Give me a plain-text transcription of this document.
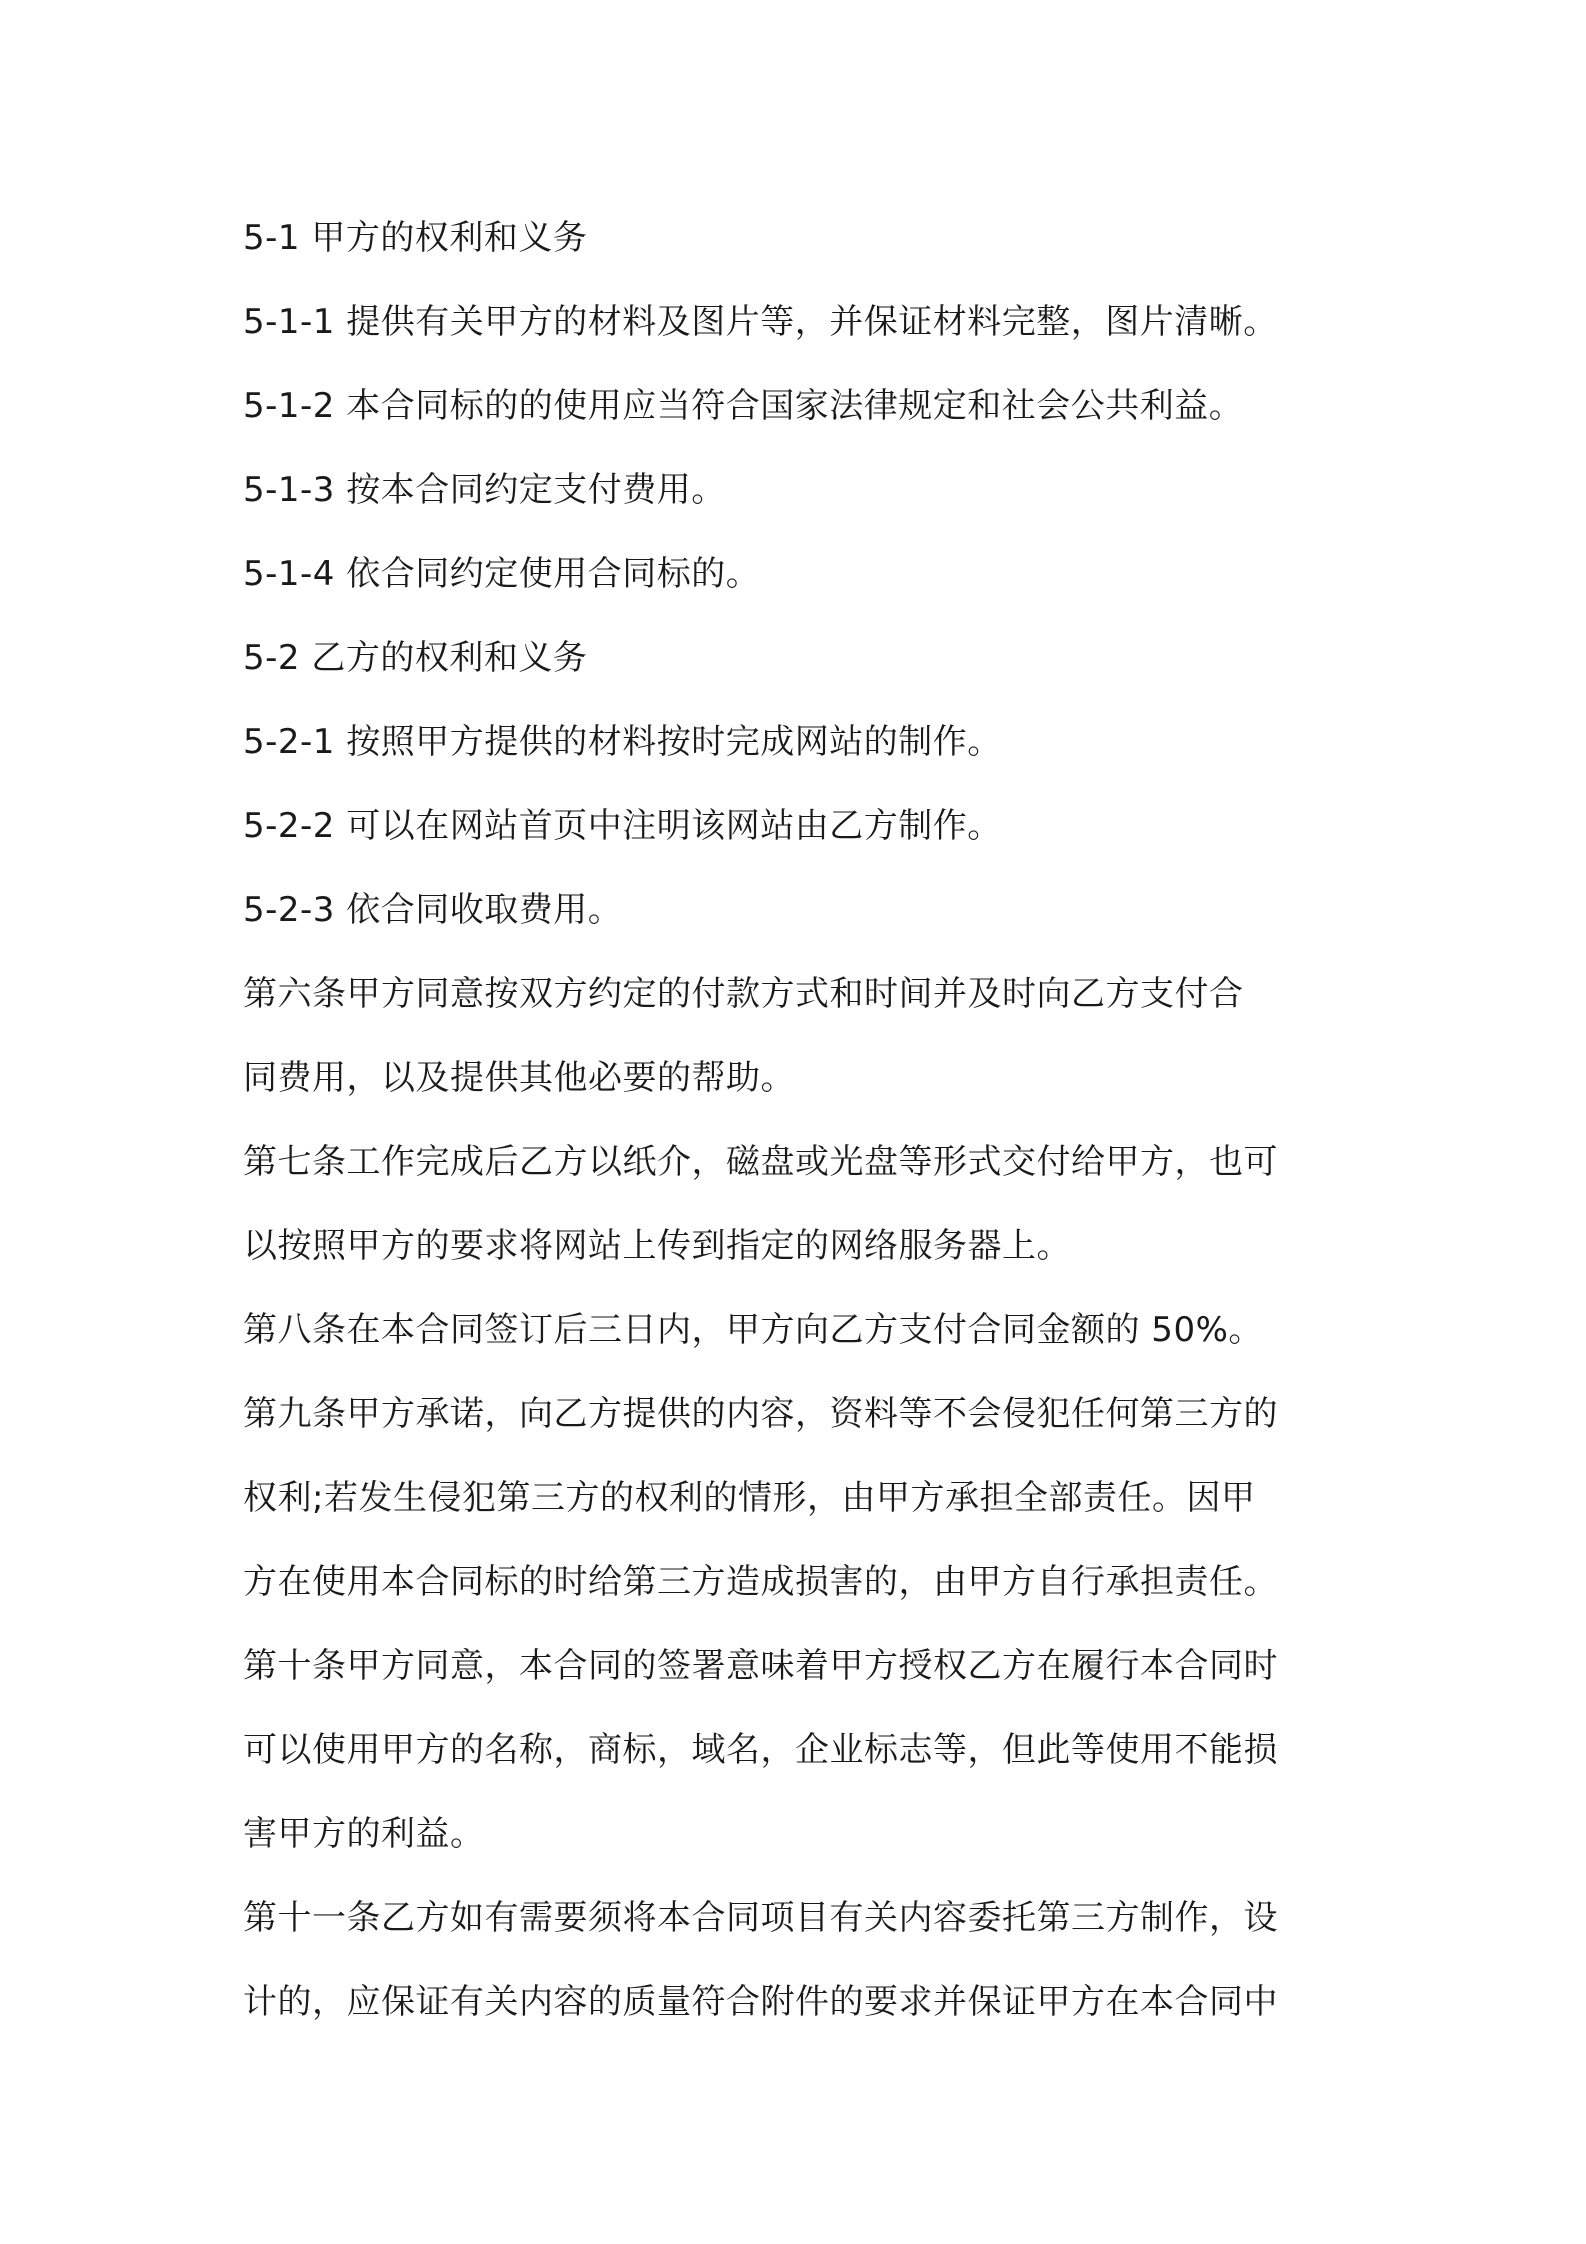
5-1 甲方的权利和义务
5-1-1 提供有关甲方的材料及图片等，并保证材料完整，图片清晰。
5-1-2 本合同标的的使用应当符合国家法律规定和社会公共利益。
5-1-3 按本合同约定支付费用。
5-1-4 依合同约定使用合同标的。
5-2 乙方的权利和义务
5-2-1 按照甲方提供的材料按时完成网站的制作。
5-2-2 可以在网站首页中注明该网站由乙方制作。
5-2-3 依合同收取费用。
第六条甲方同意按双方约定的付款方式和时间并及时向乙方支付合
同费用，以及提供其他必要的帮助。
第七条工作完成后乙方以纸介，磁盘或光盘等形式交付给甲方，也可
以按照甲方的要求将网站上传到指定的网络服务器上。
第八条在本合同签订后三日内，甲方向乙方支付合同金额的 50%。
第九条甲方承诺，向乙方提供的内容，资料等不会侵犯任何第三方的
权利;若发生侵犯第三方的权利的情形，由甲方承担全部责任。因甲
方在使用本合同标的时给第三方造成损害的，由甲方自行承担责任。
第十条甲方同意，本合同的签署意味着甲方授权乙方在履行本合同时
可以使用甲方的名称，商标，域名，企业标志等，但此等使用不能损
害甲方的利益。
第十一条乙方如有需要须将本合同项目有关内容委托第三方制作，设
计的，应保证有关内容的质量符合附件的要求并保证甲方在本合同中
